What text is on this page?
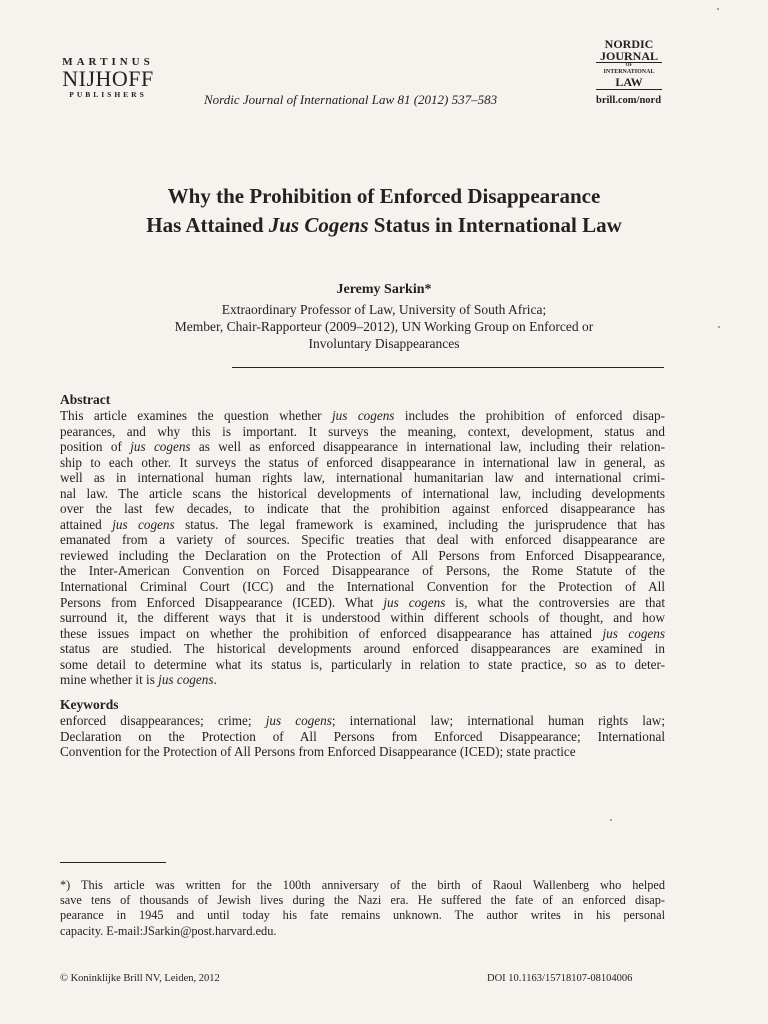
MARTINUS
NIJHOFF
PUBLISHERS	Nordic Journal of International Law 81 (2012) 537–583
NORDIC
JOURNAL
OF
INTERNATIONAL
LAW
brill.com/nord
Why the Prohibition of Enforced Disappearance
Has Attained Jus Cogens Status in International Law
Jeremy Sarkin*
Extraordinary Professor of Law, University of South Africa;
Member, Chair-Rapporteur (2009–2012), UN Working Group on Enforced or
Involuntary Disappearances
Abstract
This article examines the question whether jus cogens includes the prohibition of enforced disap-
pearances, and why this is important. It surveys the meaning, context, development, status and
position of jus cogens as well as enforced disappearance in international law, including their relation-
ship to each other. It surveys the status of enforced disappearance in international law in general, as
well as in international human rights law, international humanitarian law and international crimi-
nal law. The article scans the historical developments of international law, including developments
over the last few decades, to indicate that the prohibition against enforced disappearance has
attained jus cogens status. The legal framework is examined, including the jurisprudence that has
emanated from a variety of sources. Specific treaties that deal with enforced disappearance are
reviewed including the Declaration on the Protection of All Persons from Enforced Disappearance,
the Inter-American Convention on Forced Disappearance of Persons, the Rome Statute of the
International Criminal Court (ICC) and the International Convention for the Protection of All
Persons from Enforced Disappearance (ICED). What jus cogens is, what the controversies are that
surround it, the different ways that it is understood within different schools of thought, and how
these issues impact on whether the prohibition of enforced disappearance has attained jus cogens
status are studied. The historical developments around enforced disappearances are examined in
some detail to determine what its status is, particularly in relation to state practice, so as to deter-
mine whether it is jus cogens.
Keywords
enforced disappearances; crime; jus cogens; international law; international human rights law;
Declaration on the Protection of All Persons from Enforced Disappearance; International
Convention for the Protection of All Persons from Enforced Disappearance (ICED); state practice
*) This article was written for the 100th anniversary of the birth of Raoul Wallenberg who helped
save tens of thousands of Jewish lives during the Nazi era. He suffered the fate of an enforced disap-
pearance in 1945 and until today his fate remains unknown. The author writes in his personal
capacity. E-mail:JSarkin@post.harvard.edu.
© Koninklijke Brill NV, Leiden, 2012	DOI 10.1163/15718107-08104006
